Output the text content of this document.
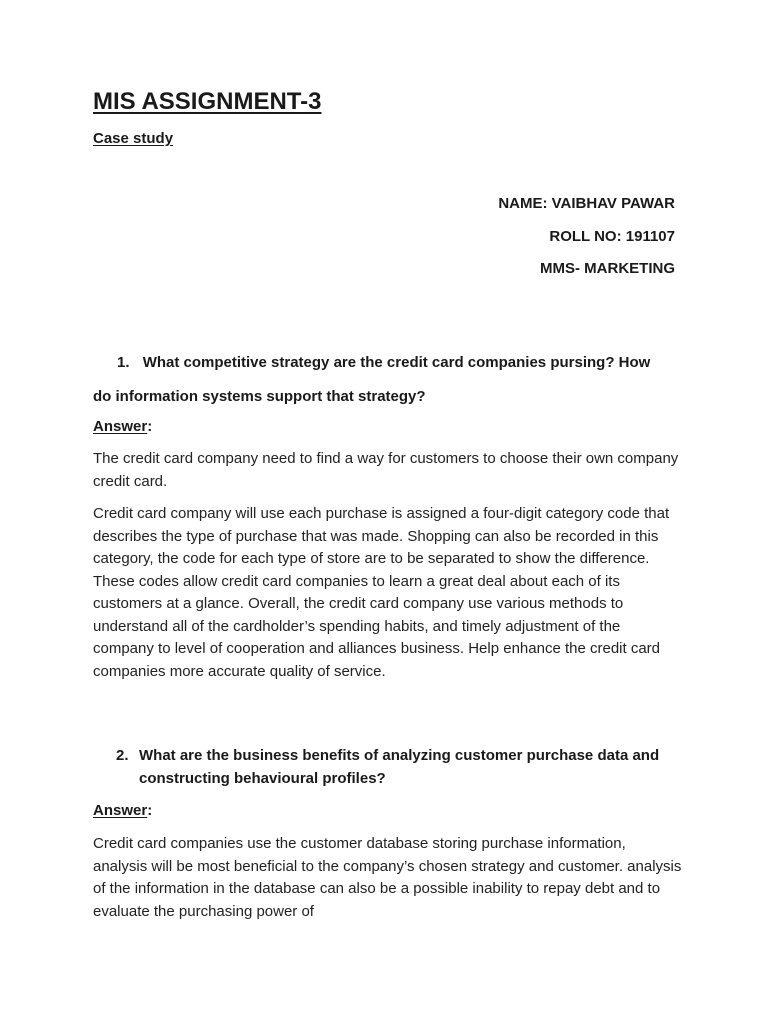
MIS ASSIGNMENT-3
Case study
NAME: VAIBHAV PAWAR
ROLL NO: 191107
MMS- MARKETING
1. What competitive strategy are the credit card companies pursing? How
do information systems support that strategy?
Answer:
The credit card company need to find a way for customers to choose their own company credit card.
Credit card company will use each purchase is assigned a four-digit category code that describes the type of purchase that was made. Shopping can also be recorded in this category, the code for each type of store are to be separated to show the difference. These codes allow credit card companies to learn a great deal about each of its customers at a glance. Overall, the credit card company use various methods to understand all of the cardholder’s spending habits, and timely adjustment of the company to level of cooperation and alliances business. Help enhance the credit card companies more accurate quality of service.
2. What are the business benefits of analyzing customer purchase data and constructing behavioural profiles?
Answer:
Credit card companies use the customer database storing purchase information, analysis will be most beneficial to the company’s chosen strategy and customer. analysis of the information in the database can also be a possible inability to repay debt and to evaluate the purchasing power of
